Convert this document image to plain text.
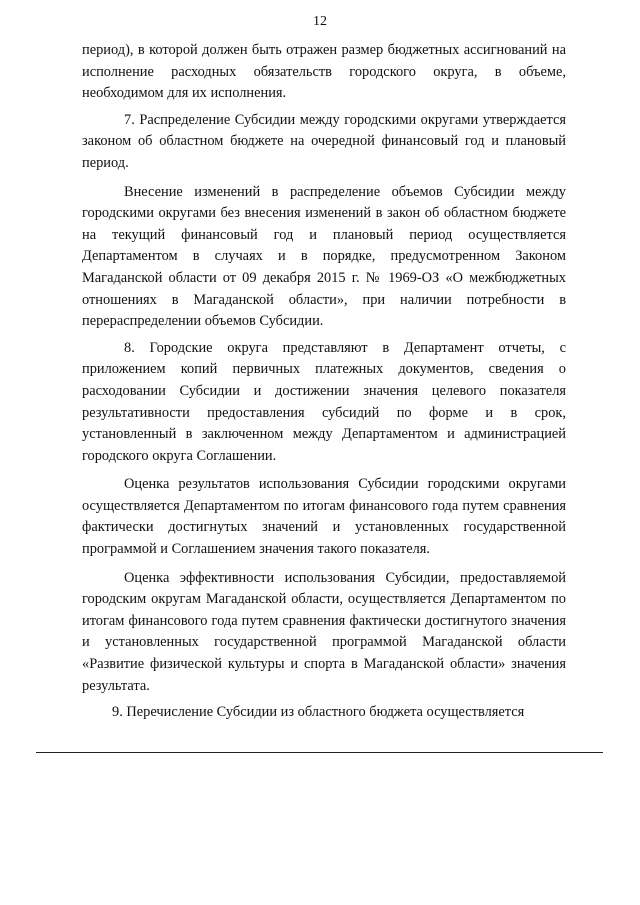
12

период), в которой должен быть отражен размер бюджетных ассигнований на исполнение расходных обязательств городского округа, в объеме, необходимом для их исполнения.

7. Распределение Субсидии между городскими округами утверждается законом об областном бюджете на очередной финансовый год и плановый период.

Внесение изменений в распределение объемов Субсидии между городскими округами без внесения изменений в закон об областном бюджете на текущий финансовый год и плановый период осуществляется Департаментом в случаях и в порядке, предусмотренном Законом Магаданской области от 09 декабря 2015 г. № 1969-ОЗ «О межбюджетных отношениях в Магаданской области», при наличии потребности в перераспределении объемов Субсидии.

8. Городские округа представляют в Департамент отчеты, с приложением копий первичных платежных документов, сведения о расходовании Субсидии и достижении значения целевого показателя результативности предоставления субсидий по форме и в срок, установленный в заключенном между Департаментом и администрацией городского округа Соглашении.

Оценка результатов использования Субсидии городскими округами осуществляется Департаментом по итогам финансового года путем сравнения фактически достигнутых значений и установленных государственной программой и Соглашением значения такого показателя.

Оценка эффективности использования Субсидии, предоставляемой городским округам Магаданской области, осуществляется Департаментом по итогам финансового года путем сравнения фактически достигнутого значения и установленных государственной программой Магаданской области «Развитие физической культуры и спорта в Магаданской области» значения результата.

9. Перечисление Субсидии из областного бюджета осуществляется
